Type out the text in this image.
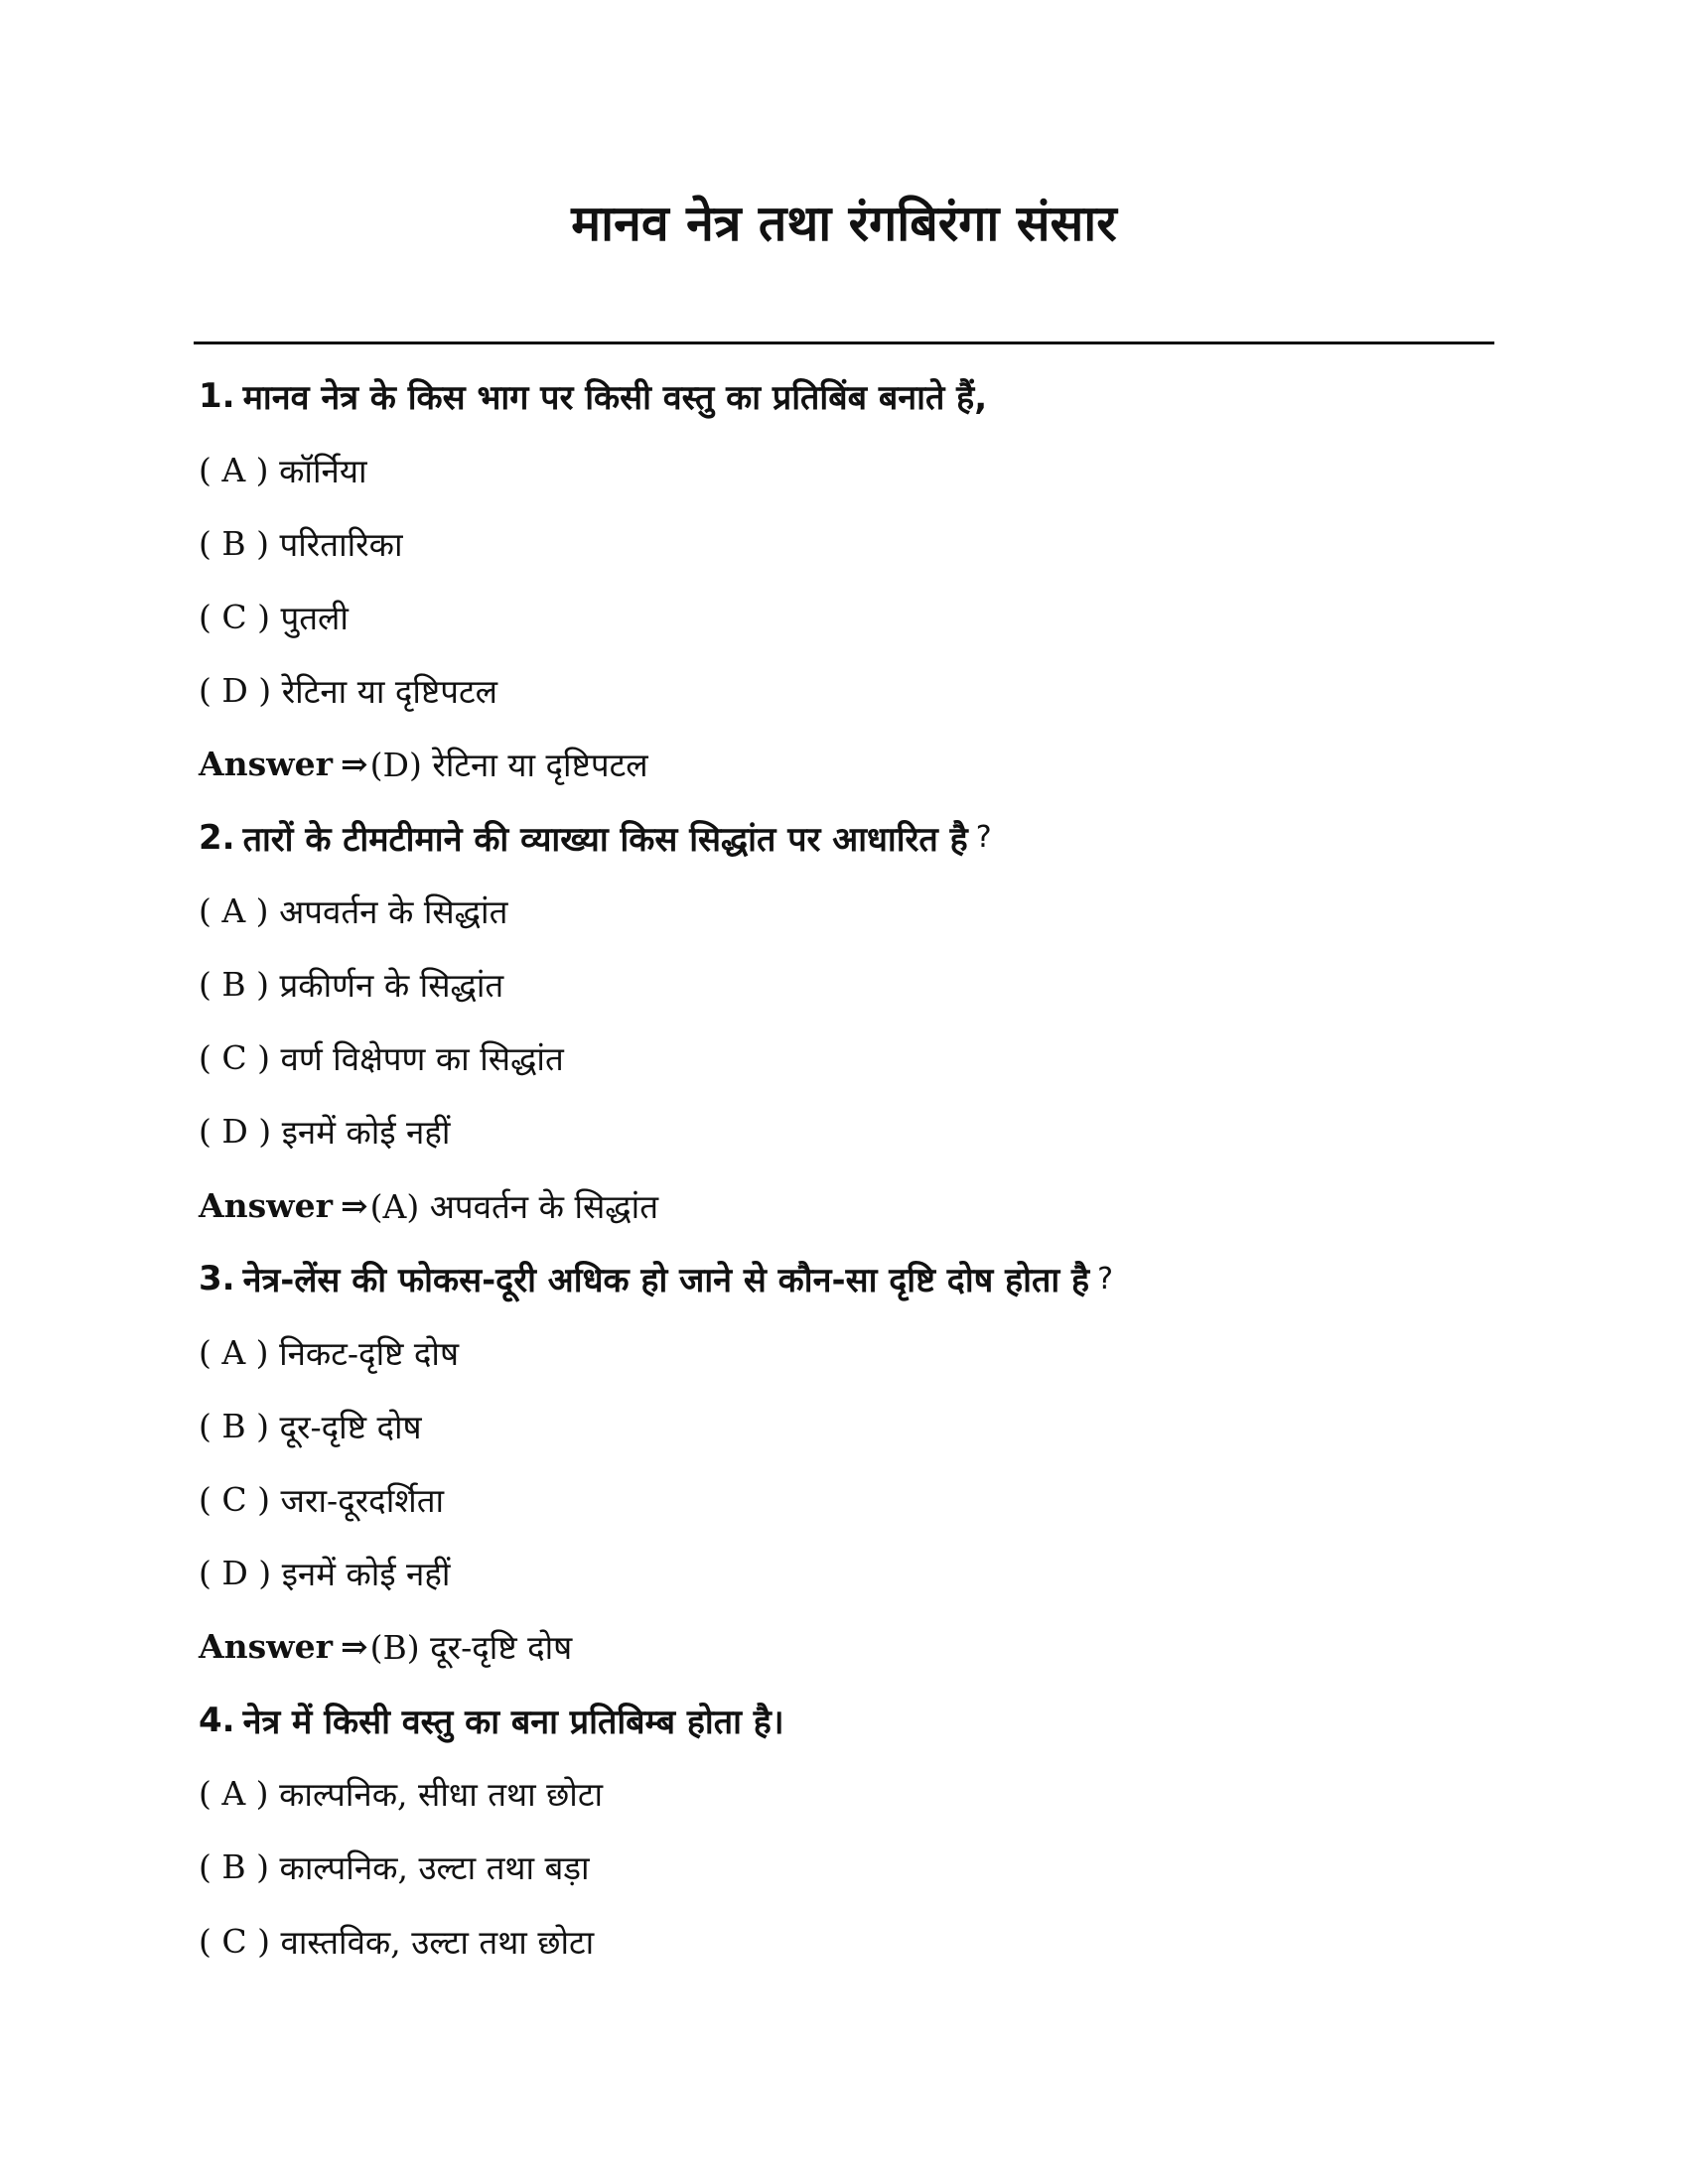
मानव नेत्र तथा रंगबिरंगा संसार
1. मानव नेत्र के किस भाग पर किसी वस्तु का प्रतिबिंब बनाते हैं,
( A )
कॉर्निया
( B )
परितारिका
( C )
पुतली
( D )
रेटिना या दृष्टिपटल
Answer ⇒ (D) रेटिना या दृष्टिपटल
2. तारों के टीमटीमाने की व्याख्या किस सिद्धांत पर आधारित है ?
( A )
अपवर्तन के सिद्धांत
( B )
प्रकीर्णन के सिद्धांत
( C )
वर्ण विक्षेपण का सिद्धांत
( D )
इनमें कोई नहीं
Answer ⇒ (A) अपवर्तन के सिद्धांत
3. नेत्र-लेंस की फोकस-दूरी अधिक हो जाने से कौन-सा दृष्टि दोष होता है ?
( A )
निकट-दृष्टि दोष
( B )
दूर-दृष्टि दोष
( C )
जरा-दूरदर्शिता
( D )
इनमें कोई नहीं
Answer ⇒ (B) दूर-दृष्टि दोष
4. नेत्र में किसी वस्तु का बना प्रतिबिम्ब होता है।
( A )
काल्पनिक, सीधा तथा छोटा
( B )
काल्पनिक, उल्टा तथा बड़ा
( C )
वास्तविक, उल्टा तथा छोटा
